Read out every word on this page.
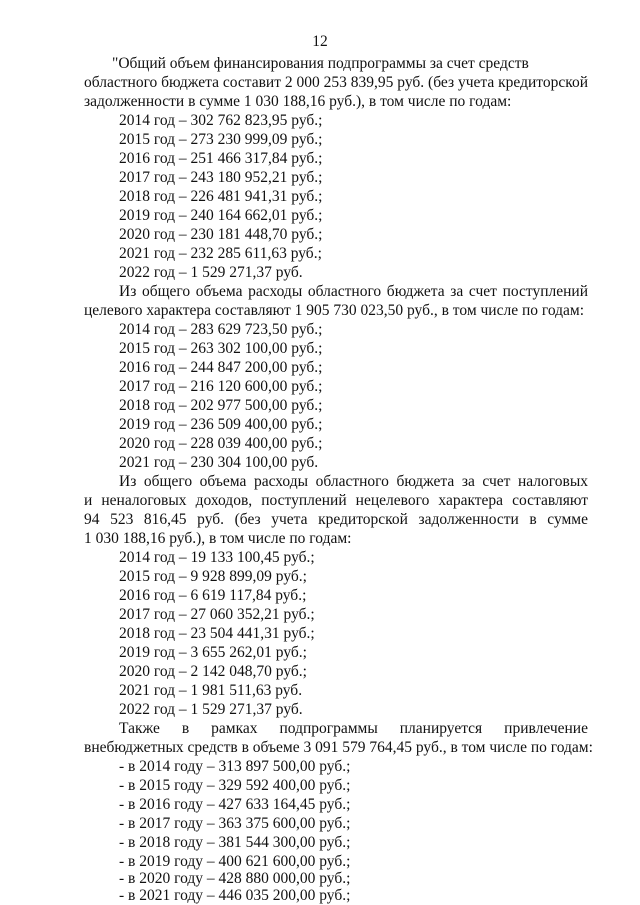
12
"Общий объем финансирования подпрограммы за счет средств
областного бюджета составит 2 000 253 839,95 руб. (без учета кредиторской
задолженности в сумме 1 030 188,16 руб.), в том числе по годам:
2014 год – 302 762 823,95 руб.;
2015 год – 273 230 999,09 руб.;
2016 год – 251 466 317,84 руб.;
2017 год – 243 180 952,21 руб.;
2018 год – 226 481 941,31 руб.;
2019 год – 240 164 662,01 руб.;
2020 год – 230 181 448,70 руб.;
2021 год – 232 285 611,63 руб.;
2022 год – 1 529 271,37 руб.
Из общего объема расходы областного бюджета за счет поступлений
целевого характера составляют 1 905 730 023,50 руб., в том числе по годам:
2014 год – 283 629 723,50 руб.;
2015 год – 263 302 100,00 руб.;
2016 год – 244 847 200,00 руб.;
2017 год – 216 120 600,00 руб.;
2018 год – 202 977 500,00 руб.;
2019 год – 236 509 400,00 руб.;
2020 год – 228 039 400,00 руб.;
2021 год – 230 304 100,00 руб.
Из общего объема расходы областного бюджета за счет налоговых
и неналоговых доходов, поступлений нецелевого характера составляют
94 523 816,45 руб. (без учета кредиторской задолженности в сумме
1 030 188,16 руб.), в том числе по годам:
2014 год – 19 133 100,45 руб.;
2015 год – 9 928 899,09 руб.;
2016 год – 6 619 117,84 руб.;
2017 год – 27 060 352,21 руб.;
2018 год – 23 504 441,31 руб.;
2019 год – 3 655 262,01 руб.;
2020 год – 2 142 048,70 руб.;
2021 год – 1 981 511,63 руб.
2022 год – 1 529 271,37 руб.
Также в рамках подпрограммы планируется привлечение
внебюджетных средств в объеме 3 091 579 764,45 руб., в том числе по годам:
- в 2014 году – 313 897 500,00 руб.;
- в 2015 году – 329 592 400,00 руб.;
- в 2016 году – 427 633 164,45 руб.;
- в 2017 году – 363 375 600,00 руб.;
- в 2018 году – 381 544 300,00 руб.;
- в 2019 году – 400 621 600,00 руб.;
- в 2020 году – 428 880 000,00 руб.;
- в 2021 году – 446 035 200,00 руб.;
